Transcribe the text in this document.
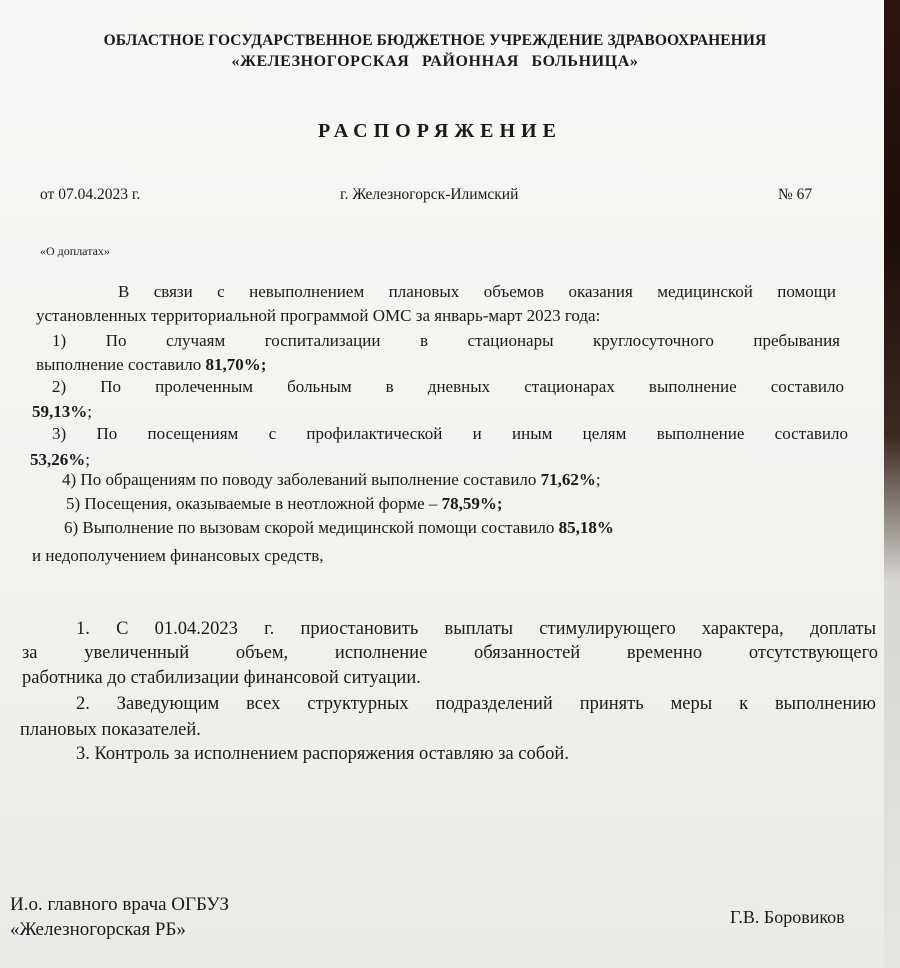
ОБЛАСТНОЕ ГОСУДАРСТВЕННОЕ БЮДЖЕТНОЕ УЧРЕЖДЕНИЕ ЗДРАВООХРАНЕНИЯ
«ЖЕЛЕЗНОГОРСКАЯ РАЙОННАЯ БОЛЬНИЦА»
РАСПОРЯЖЕНИЕ
от 07.04.2023 г.	г. Железногорск-Илимский	№ 67
«О доплатах»
В связи с невыполнением плановых объемов оказания медицинской помощи
установленных территориальной программой ОМС за январь-март 2023 года:
1) По случаям госпитализации в стационары круглосуточного пребывания
выполнение составило 81,70%;
2) По пролеченным больным в дневных стационарах выполнение составило
59,13%;
3) По посещениям с профилактической и иным целям выполнение составило
53,26%;
4) По обращениям по поводу заболеваний выполнение составило 71,62%;
5) Посещения, оказываемые в неотложной форме – 78,59%;
6) Выполнение по вызовам скорой медицинской помощи составило 85,18%
и недополучением финансовых средств,
1. С 01.04.2023 г. приостановить выплаты стимулирующего характера, доплаты
за увеличенный объем, исполнение обязанностей временно отсутствующего
работника до стабилизации финансовой ситуации.
2. Заведующим всех структурных подразделений принять меры к выполнению
плановых показателей.
3. Контроль за исполнением распоряжения оставляю за собой.
И.о. главного врача ОГБУЗ
«Железногорская РБ»
Г.В. Боровиков
